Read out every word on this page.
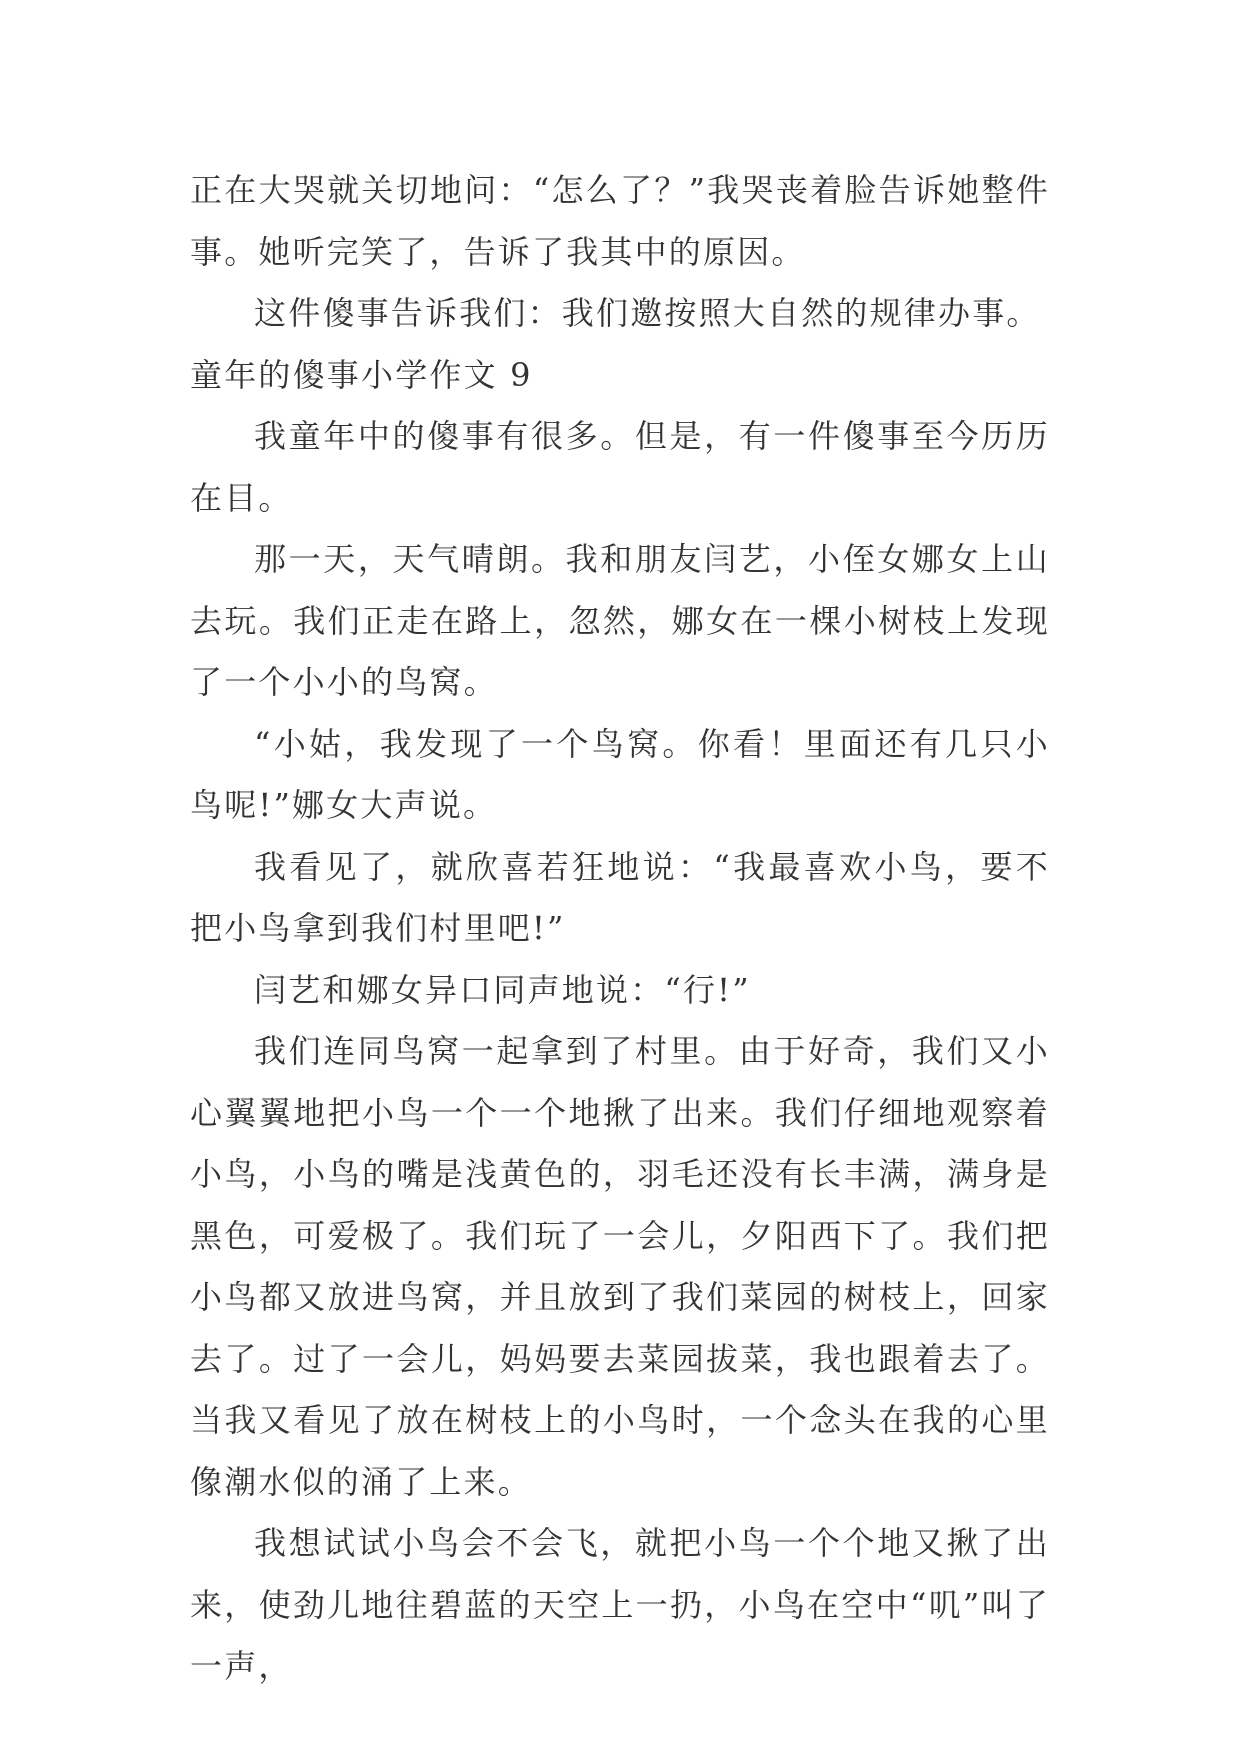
正在大哭就关切地问：“怎么了？”我哭丧着脸告诉她整件事。她听完笑了，告诉了我其中的原因。

这件傻事告诉我们：我们邀按照大自然的规律办事。

童年的傻事小学作文 9

我童年中的傻事有很多。但是，有一件傻事至今历历在目。

那一天，天气晴朗。我和朋友闫艺，小侄女娜女上山去玩。我们正走在路上，忽然，娜女在一棵小树枝上发现了一个小小的鸟窝。

“小姑，我发现了一个鸟窝。你看！里面还有几只小鸟呢!”娜女大声说。

我看见了，就欣喜若狂地说：“我最喜欢小鸟，要不把小鸟拿到我们村里吧!”

闫艺和娜女异口同声地说：“行!”

我们连同鸟窝一起拿到了村里。由于好奇，我们又小心翼翼地把小鸟一个一个地揪了出来。我们仔细地观察着小鸟，小鸟的嘴是浅黄色的，羽毛还没有长丰满，满身是黑色，可爱极了。我们玩了一会儿，夕阳西下了。我们把小鸟都又放进鸟窝，并且放到了我们菜园的树枝上，回家去了。过了一会儿，妈妈要去菜园拔菜，我也跟着去了。当我又看见了放在树枝上的小鸟时，一个念头在我的心里像潮水似的涌了上来。

我想试试小鸟会不会飞，就把小鸟一个个地又揪了出来，使劲儿地往碧蓝的天空上一扔，小鸟在空中“叽”叫了一声，
